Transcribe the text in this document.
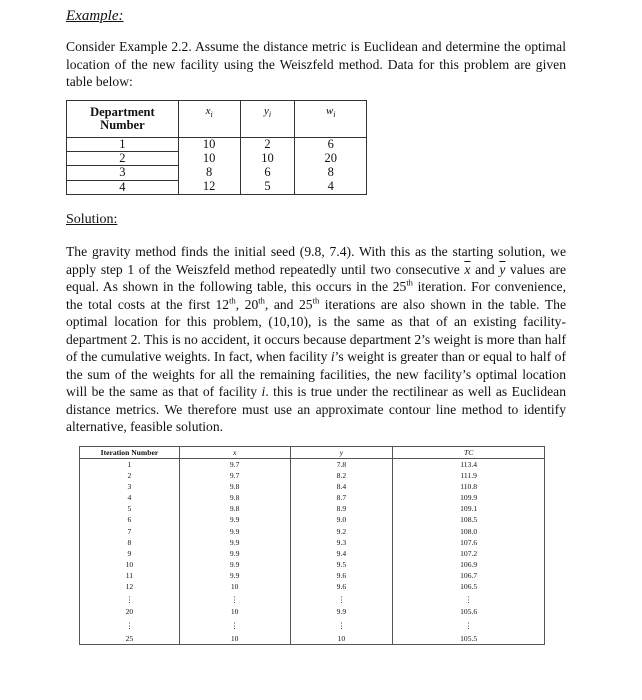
Example:
Consider Example 2.2. Assume the distance metric is Euclidean and determine the optimal location of the new facility using the Weiszfeld method. Data for this problem are given table below:
Department Number	$x_i$	$y_i$	$w_i$
1	10	2	6
2	10	10	20
3	8	6	8
4	12	5	4
Solution:
The gravity method finds the initial seed (9.8, 7.4). With this as the starting solution, we apply step 1 of the Weiszfeld method repeatedly until two consecutive $\overline{x}$ and $\overline{y}$ values are equal. As shown in the following table, this occurs in the 25th iteration. For convenience, the total costs at the first 12th, 20th, and 25th iterations are also shown in the table. The optimal location for this problem, (10,10), is the same as that of an existing facility-department 2. This is no accident, it occurs because department 2’s weight is more than half of the cumulative weights. In fact, when facility i’s weight is greater than or equal to half of the sum of the weights for all the remaining facilities, the new facility’s optimal location will be the same as that of facility i. this is true under the rectilinear as well as Euclidean distance metrics. We therefore must use an approximate contour line method to identify alternative, feasible solution.
Iteration Number	x	y	TC
1	9.7	7.8	113.4
2	9.7	8.2	111.9
3	9.8	8.4	110.8
4	9.8	8.7	109.9
5	9.8	8.9	109.1
6	9.9	9.0	108.5
7	9.9	9.2	108.0
8	9.9	9.3	107.6
9	9.9	9.4	107.2
10	9.9	9.5	106.9
11	9.9	9.6	106.7
12	10	9.6	106.5
⋮	⋮	⋮	⋮
20	10	9.9	105.6
⋮	⋮	⋮	⋮
25	10	10	105.5
